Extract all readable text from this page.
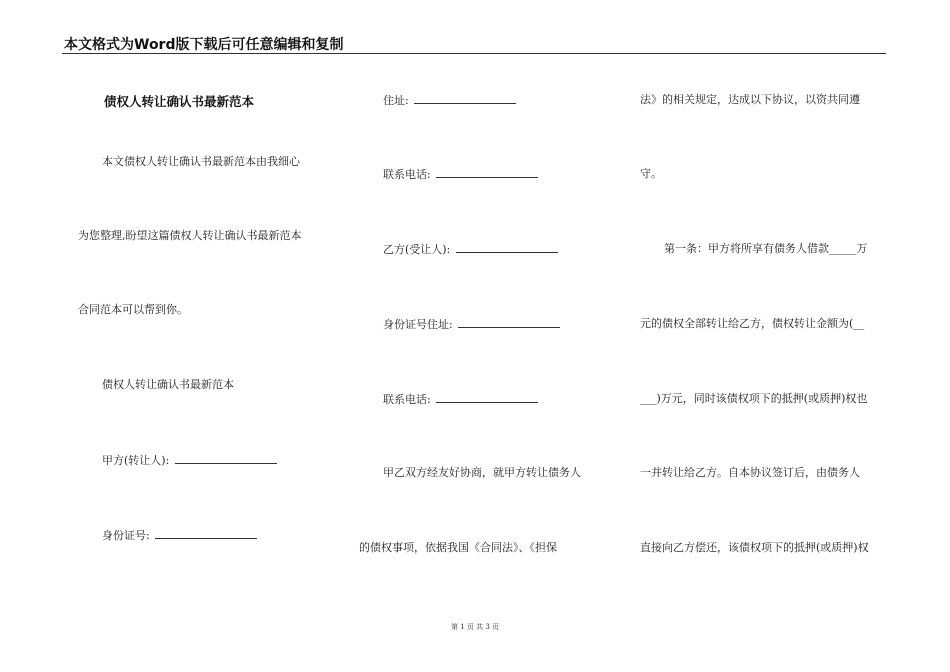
本文格式为Word版下载后可任意编辑和复制
债权人转让确认书最新范本
本文债权人转让确认书最新范本由我细心
为您整理,盼望这篇债权人转让确认书最新范本
合同范本可以帮到你。
债权人转让确认书最新范本
甲方(转让人):
身份证号:
住址:
联系电话:
乙方(受让人):
身份证号住址:
联系电话:
甲乙双方经友好协商，就甲方转让债务人
的债权事项，依据我国《合同法》、《担保
法》的相关规定，达成以下协议，以资共同遵
守。
第一条：甲方将所享有债务人借款_____万
元的债权全部转让给乙方，债权转让金额为(__
___)万元，同时该债权项下的抵押(或质押)权也
一并转让给乙方。自本协议签订后，由债务人
直接向乙方偿还，该债权项下的抵押(或质押)权
第 1 页 共 3 页
